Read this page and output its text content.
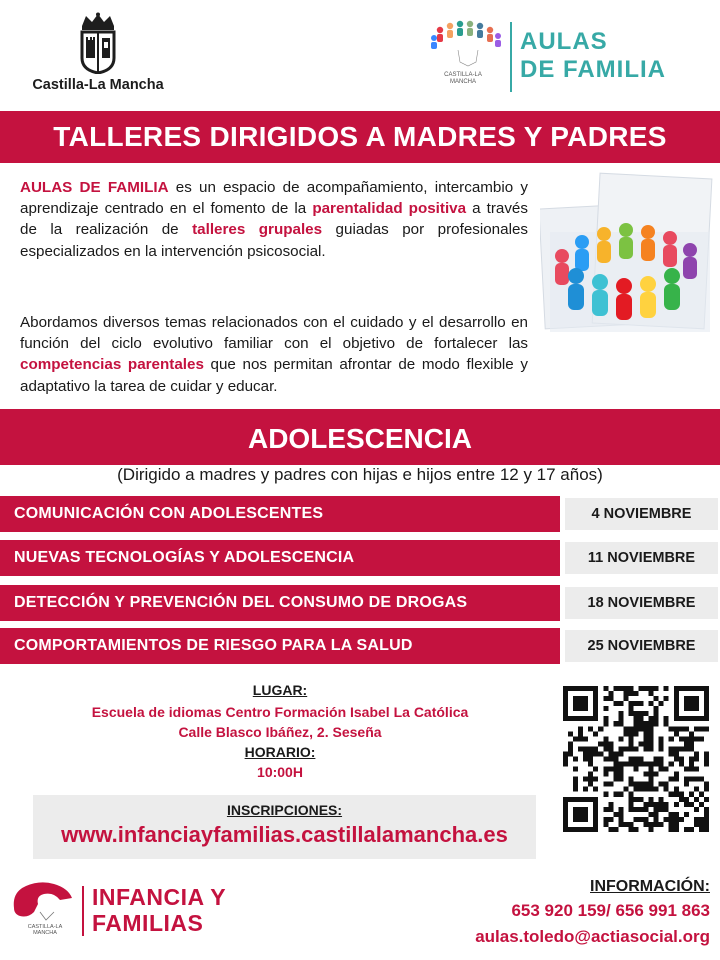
Castilla-La Mancha
CASTILLA-LA MANCHA
AULAS
DE FAMILIA
TALLERES DIRIGIDOS A MADRES Y PADRES
AULAS DE FAMILIA es un espacio de acompañamiento, intercambio y aprendizaje centrado en el fomento de la parentalidad positiva a través de la realización de talleres grupales guiadas por profesionales especializados en la intervención psicosocial.
Abordamos diversos temas relacionados con el cuidado y el desarrollo en función del ciclo evolutivo familiar con el objetivo de fortalecer las competencias parentales que nos permitan afrontar de modo flexible y adaptativo la tarea de cuidar y educar.
ADOLESCENCIA
(Dirigido a madres y padres con hijas e hijos entre 12 y 17 años)
COMUNICACIÓN CON ADOLESCENTES	4 NOVIEMBRE
NUEVAS TECNOLOGÍAS Y ADOLESCENCIA	11 NOVIEMBRE
DETECCIÓN Y PREVENCIÓN DEL CONSUMO DE DROGAS	18 NOVIEMBRE
COMPORTAMIENTOS DE RIESGO PARA LA SALUD	25 NOVIEMBRE
LUGAR:
Escuela de idiomas Centro Formación Isabel La Católica
Calle Blasco Ibáñez, 2. Seseña
HORARIO:
10:00H
INSCRIPCIONES:
www.infanciayfamilias.castillalamancha.es
CASTILLA-LA MANCHA
INFANCIA Y
FAMILIAS
INFORMACIÓN:
653 920 159/ 656 991 863
aulas.toledo@actiasocial.org
